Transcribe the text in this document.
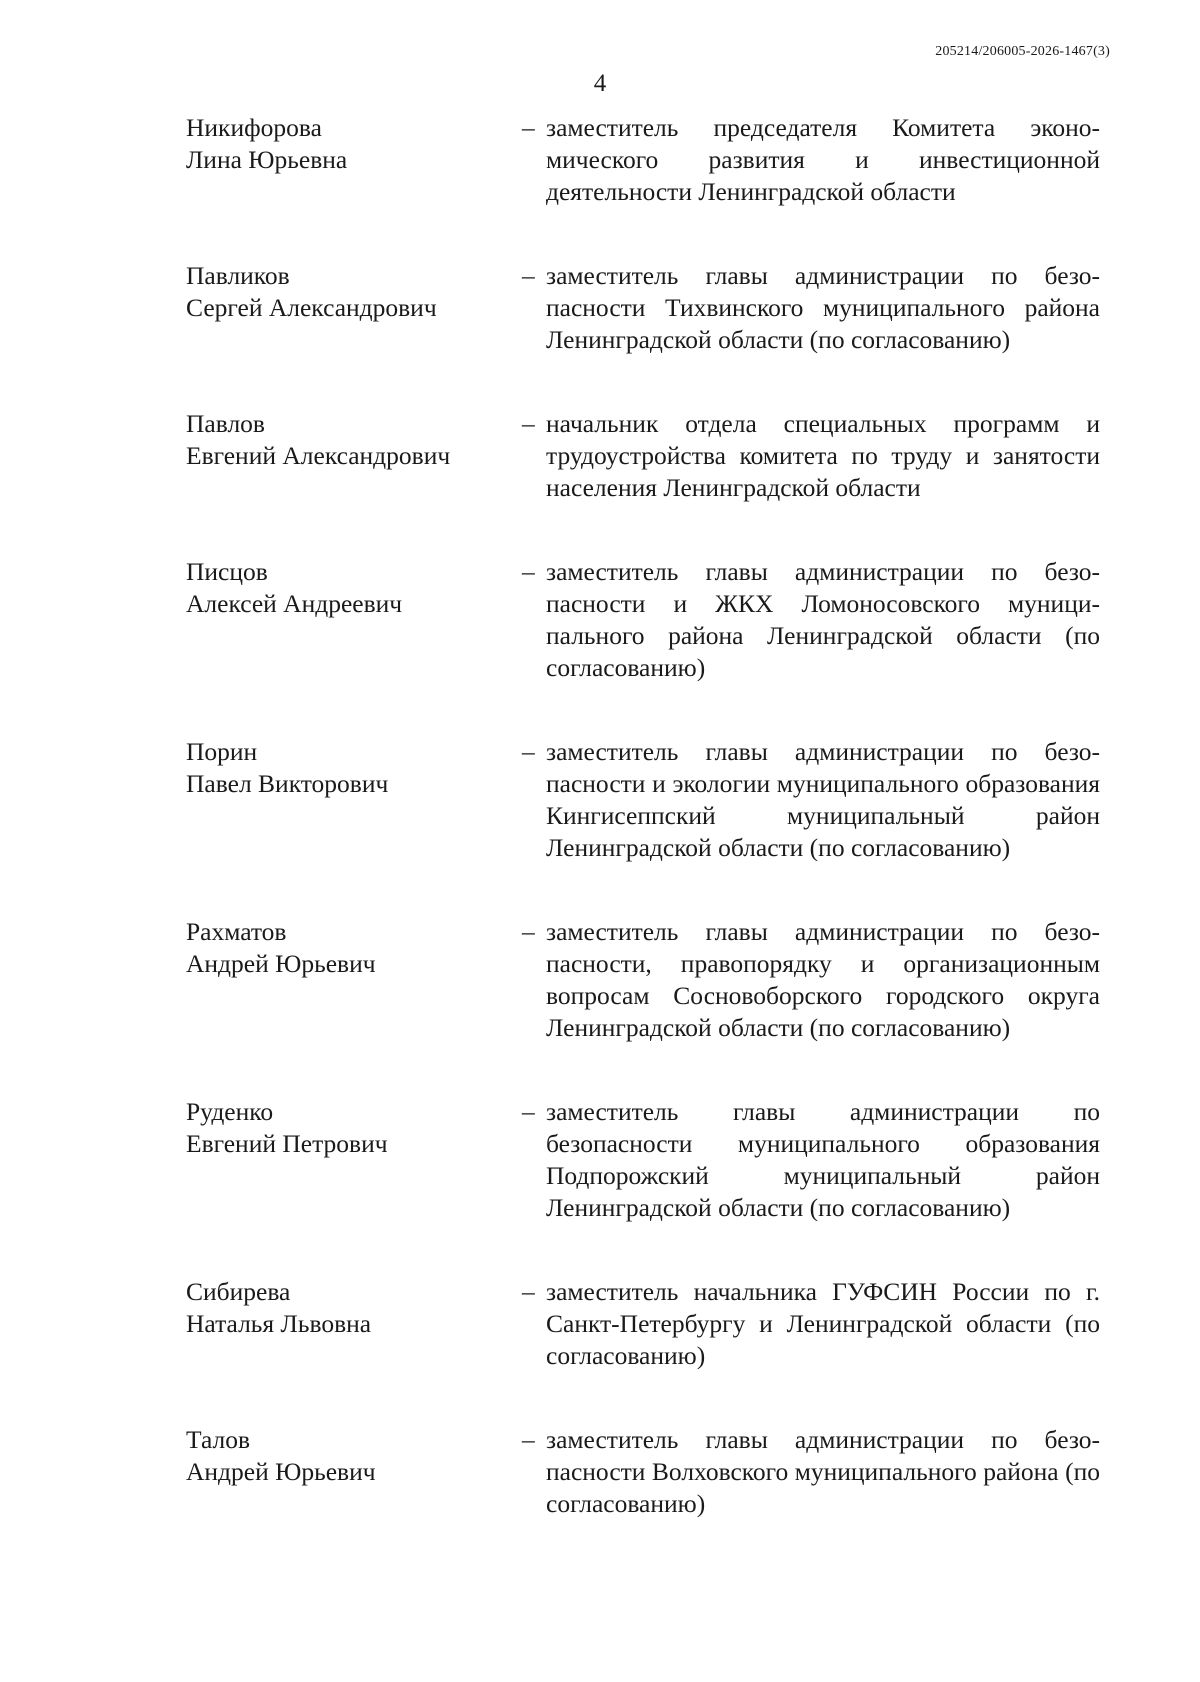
205214/206005-2026-1467(3)
4
Никифорова
Лина Юрьевна
– заместитель председателя Комитета экономического развития и инвестиционной деятельности Ленинградской области
Павликов
Сергей Александрович
– заместитель главы администрации по безопасности Тихвинского муниципального района Ленинградской области (по согласованию)
Павлов
Евгений Александрович
– начальник отдела специальных программ и трудоустройства комитета по труду и занятости населения Ленинградской области
Писцов
Алексей Андреевич
– заместитель главы администрации по безопасности и ЖКХ Ломоносовского муниципального района Ленинградской области (по согласованию)
Порин
Павел Викторович
– заместитель главы администрации по безопасности и экологии муниципального образования Кингисеппский муниципальный район Ленинградской области (по согласованию)
Рахматов
Андрей Юрьевич
– заместитель главы администрации по безопасности, правопорядку и организационным вопросам Сосновоборского городского округа Ленинградской области (по согласованию)
Руденко
Евгений Петрович
– заместитель главы администрации по безопасности муниципального образования Подпорожский муниципальный район Ленинградской области (по согласованию)
Сибирева
Наталья Львовна
– заместитель начальника ГУФСИН России по г. Санкт-Петербургу и Ленинградской области (по согласованию)
Талов
Андрей Юрьевич
– заместитель главы администрации по безопасности Волховского муниципального района (по согласованию)
